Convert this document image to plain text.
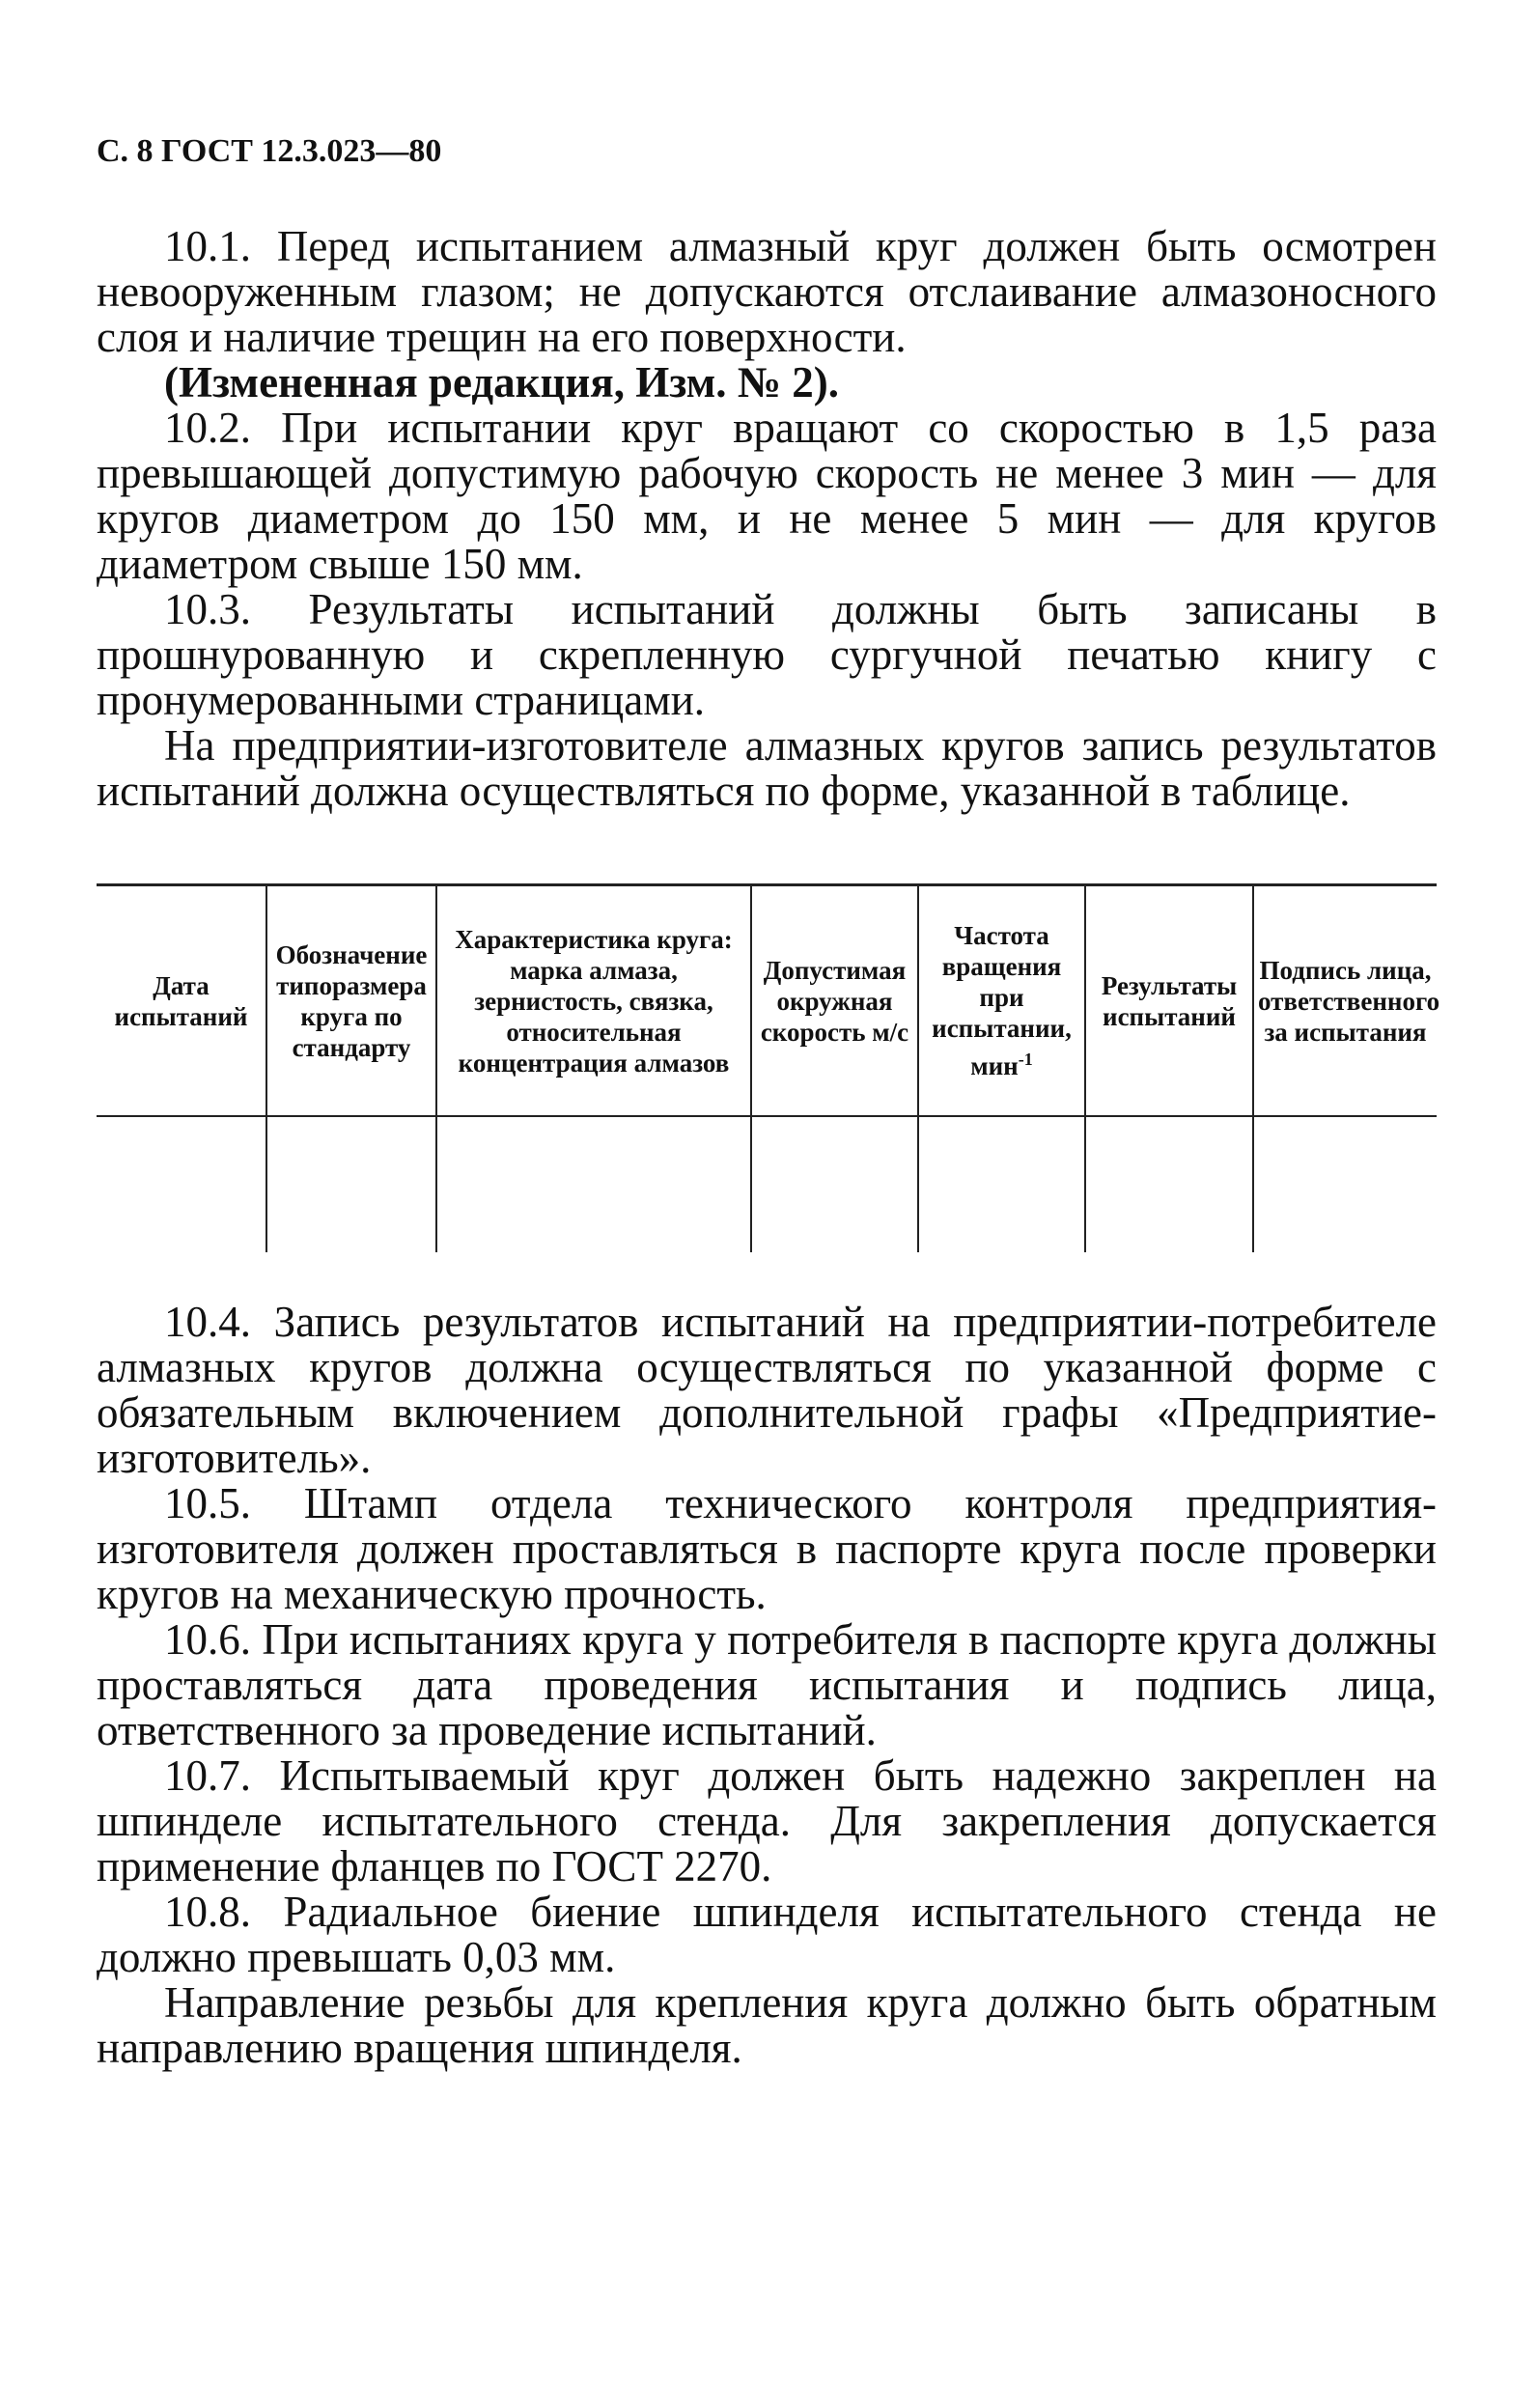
С. 8 ГОСТ 12.3.023—80

10.1. Перед испытанием алмазный круг должен быть осмотрен невооруженным глазом; не допускаются отслаивание алмазоносного слоя и наличие трещин на его поверхности.

(Измененная редакция, Изм. № 2).

10.2. При испытании круг вращают со скоростью в 1,5 раза превышающей допустимую рабочую скорость не менее 3 мин — для кругов диаметром до 150 мм, и не менее 5 мин — для кругов диаметром свыше 150 мм.

10.3. Результаты испытаний должны быть записаны в прошнурованную и скрепленную сургучной печатью книгу с пронумерованными страницами.

На предприятии-изготовителе алмазных кругов запись результатов испытаний должна осуществляться по форме, указанной в таблице.

Дата испытаний	Обозначение типоразмера круга по стандарту	Характеристика круга: марка алмаза, зернистость, связка, относительная концентрация алмазов	Допустимая окружная скорость м/с	Частота вращения при испытании, мин$^{-1}$	Результаты испытаний	Подпись лица, ответственного за испытания

10.4. Запись результатов испытаний на предприятии-потребителе алмазных кругов должна осуществляться по указанной форме с обязательным включением дополнительной графы «Предприятие-изготовитель».

10.5. Штамп отдела технического контроля предприятия-изготовителя должен проставляться в паспорте круга после проверки кругов на механическую прочность.

10.6. При испытаниях круга у потребителя в паспорте круга должны проставляться дата проведения испытания и подпись лица, ответственного за проведение испытаний.

10.7. Испытываемый круг должен быть надежно закреплен на шпинделе испытательного стенда. Для закрепления допускается применение фланцев по ГОСТ 2270.

10.8. Радиальное биение шпинделя испытательного стенда не должно превышать 0,03 мм.

Направление резьбы для крепления круга должно быть обратным направлению вращения шпинделя.
